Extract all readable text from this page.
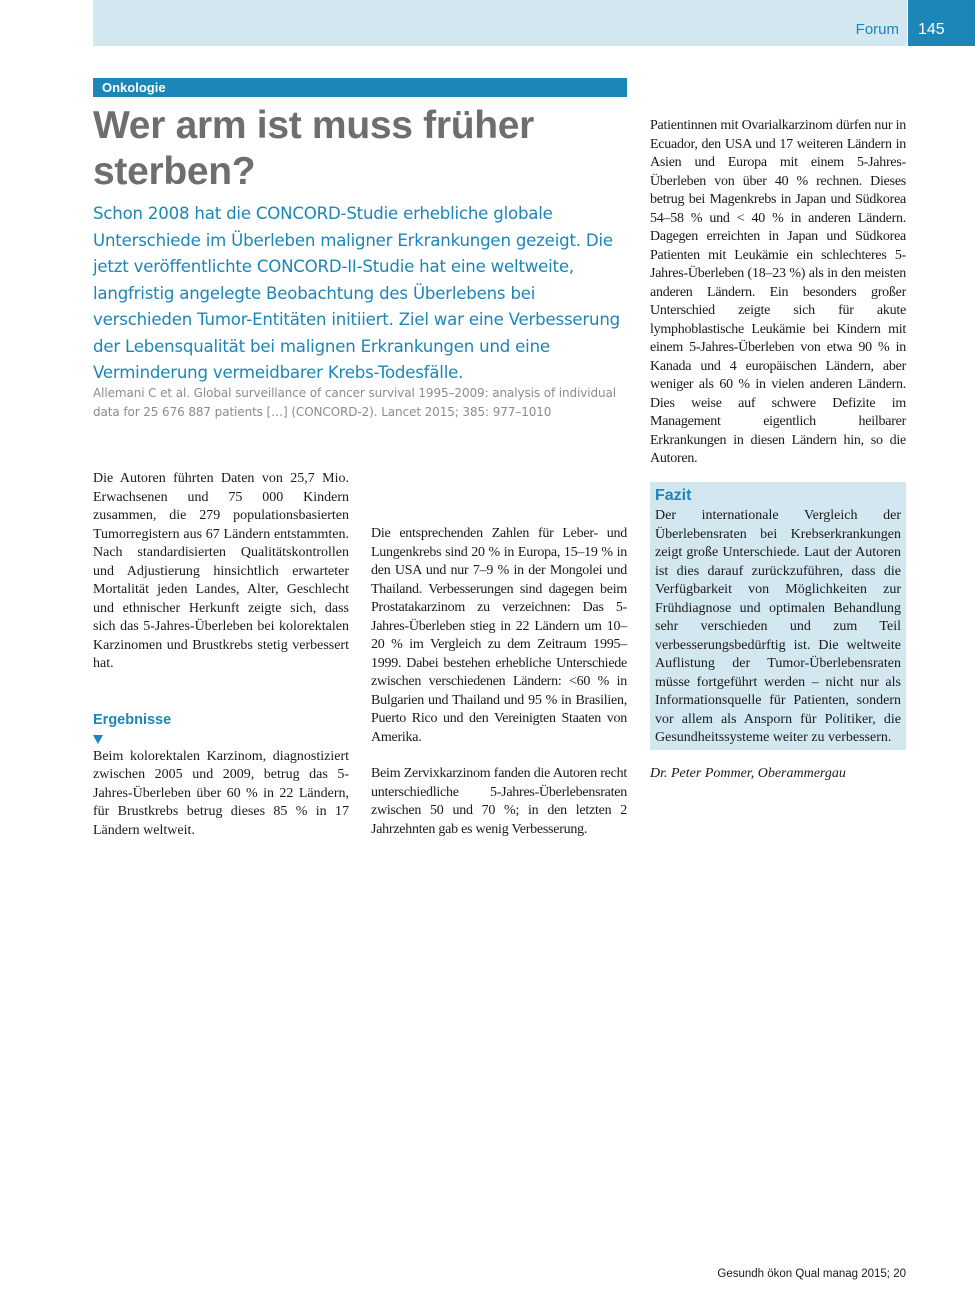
Forum 145
Onkologie
Wer arm ist muss früher sterben?
Schon 2008 hat die CONCORD-Studie erhebliche globale Unterschiede im Überleben maligner Erkrankungen gezeigt. Die jetzt veröffentlichte CONCORD-II-Studie hat eine weltweite, langfristig angelegte Beobachtung des Überlebens bei verschieden Tumor-Entitäten initiiert. Ziel war eine Verbesserung der Lebensqualität bei malignen Erkrankungen und eine Verminderung vermeidbarer Krebs-Todesfälle.
Allemani C et al. Global surveillance of cancer survival 1995–2009: analysis of individual data for 25 676 887 patients […] (CONCORD-2). Lancet 2015; 385: 977–1010

Die Autoren führten Daten von 25,7 Mio. Erwachsenen und 75 000 Kindern zusammen, die 279 populationsbasierten Tumorregistern aus 67 Ländern entstammten. Nach standardisierten Qualitätskontrollen und Adjustierung hinsichtlich erwarteter Mortalität jeden Landes, Alter, Geschlecht und ethnischer Herkunft zeigte sich, dass sich das 5-Jahres-Überleben bei kolorektalen Karzinomen und Brustkrebs stetig verbessert hat.

Ergebnisse

Beim kolorektalen Karzinom, diagnostiziert zwischen 2005 und 2009, betrug das 5-Jahres-Überleben über 60 % in 22 Ländern, für Brustkrebs betrug dieses 85 % in 17 Ländern weltweit.

Die entsprechenden Zahlen für Leber- und Lungenkrebs sind 20 % in Europa, 15–19 % in den USA und nur 7–9 % in der Mongolei und Thailand. Verbesserungen sind dagegen beim Prostatakarzinom zu verzeichnen: Das 5-Jahres-Überleben stieg in 22 Ländern um 10–20 % im Vergleich zu dem Zeitraum 1995–1999. Dabei bestehen erhebliche Unterschiede zwischen verschiedenen Ländern: <60 % in Bulgarien und Thailand und 95 % in Brasilien, Puerto Rico und den Vereinigten Staaten von Amerika.

Beim Zervixkarzinom fanden die Autoren recht unterschiedliche 5-Jahres-Überlebensraten zwischen 50 und 70 %; in den letzten 2 Jahrzehnten gab es wenig Verbesserung.

Patientinnen mit Ovarialkarzinom dürfen nur in Ecuador, den USA und 17 weiteren Ländern in Asien und Europa mit einem 5-Jahres-Überleben von über 40 % rechnen. Dieses betrug bei Magenkrebs in Japan und Südkorea 54–58 % und < 40 % in anderen Ländern. Dagegen erreichten in Japan und Südkorea Patienten mit Leukämie ein schlechteres 5-Jahres-Überleben (18–23 %) als in den meisten anderen Ländern. Ein besonders großer Unterschied zeigte sich für akute lymphoblastische Leukämie bei Kindern mit einem 5-Jahres-Überleben von etwa 90 % in Kanada und 4 europäischen Ländern, aber weniger als 60 % in vielen anderen Ländern. Dies weise auf schwere Defizite im Management eigentlich heilbarer Erkrankungen in diesen Ländern hin, so die Autoren.

Fazit

Der internationale Vergleich der Überlebensraten bei Krebserkrankungen zeigt große Unterschiede. Laut der Autoren ist dies darauf zurückzuführen, dass die Verfügbarkeit von Möglichkeiten zur Frühdiagnose und optimalen Behandlung sehr verschieden und zum Teil verbesserungsbedürftig ist. Die weltweite Auflistung der Tumor-Überlebensraten müsse fortgeführt werden – nicht nur als Informationsquelle für Patienten, sondern vor allem als Ansporn für Politiker, die Gesundheitssysteme weiter zu verbessern.

Dr. Peter Pommer, Oberammergau
Gesundh ökon Qual manag 2015; 20
